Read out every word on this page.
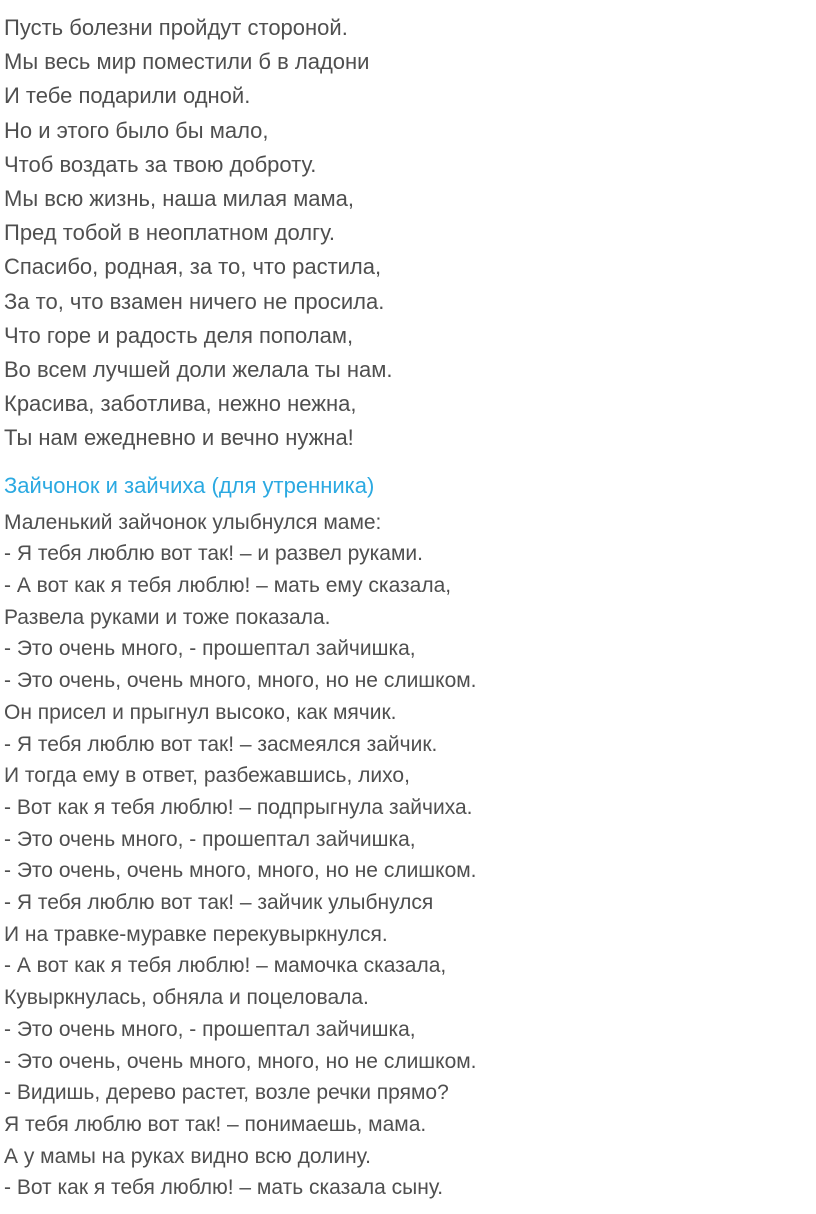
Пусть болезни пройдут стороной.
Мы весь мир поместили б в ладони
И тебе подарили одной.
Но и этого было бы мало,
Чтоб воздать за твою доброту.
Мы всю жизнь, наша милая мама,
Пред тобой в неоплатном долгу.
Спасибо, родная, за то, что растила,
За то, что взамен ничего не просила.
Что горе и радость деля пополам,
Во всем лучшей доли желала ты нам.
Красива, заботлива, нежно нежна,
Ты нам ежедневно и вечно нужна!
Зайчонок и зайчиха (для утренника)
Маленький зайчонок улыбнулся маме:
- Я тебя люблю вот так! – и развел руками.
- А вот как я тебя люблю! – мать ему сказала,
Развела руками и тоже показала.
- Это очень много, - прошептал зайчишка,
- Это очень, очень много, много, но не слишком.
Он присел и прыгнул высоко, как мячик.
- Я тебя люблю вот так! – засмеялся зайчик.
И тогда ему в ответ, разбежавшись, лихо,
- Вот как я тебя люблю! – подпрыгнула зайчиха.
- Это очень много, - прошептал зайчишка,
- Это очень, очень много, много, но не слишком.
- Я тебя люблю вот так! – зайчик улыбнулся
И на травке-муравке перекувыркнулся.
- А вот как я тебя люблю! – мамочка сказала,
Кувыркнулась, обняла и поцеловала.
- Это очень много, - прошептал зайчишка,
- Это очень, очень много, много, но не слишком.
- Видишь, дерево растет, возле речки прямо?
Я тебя люблю вот так! – понимаешь, мама.
А у мамы на руках видно всю долину.
- Вот как я тебя люблю! – мать сказала сыну.
